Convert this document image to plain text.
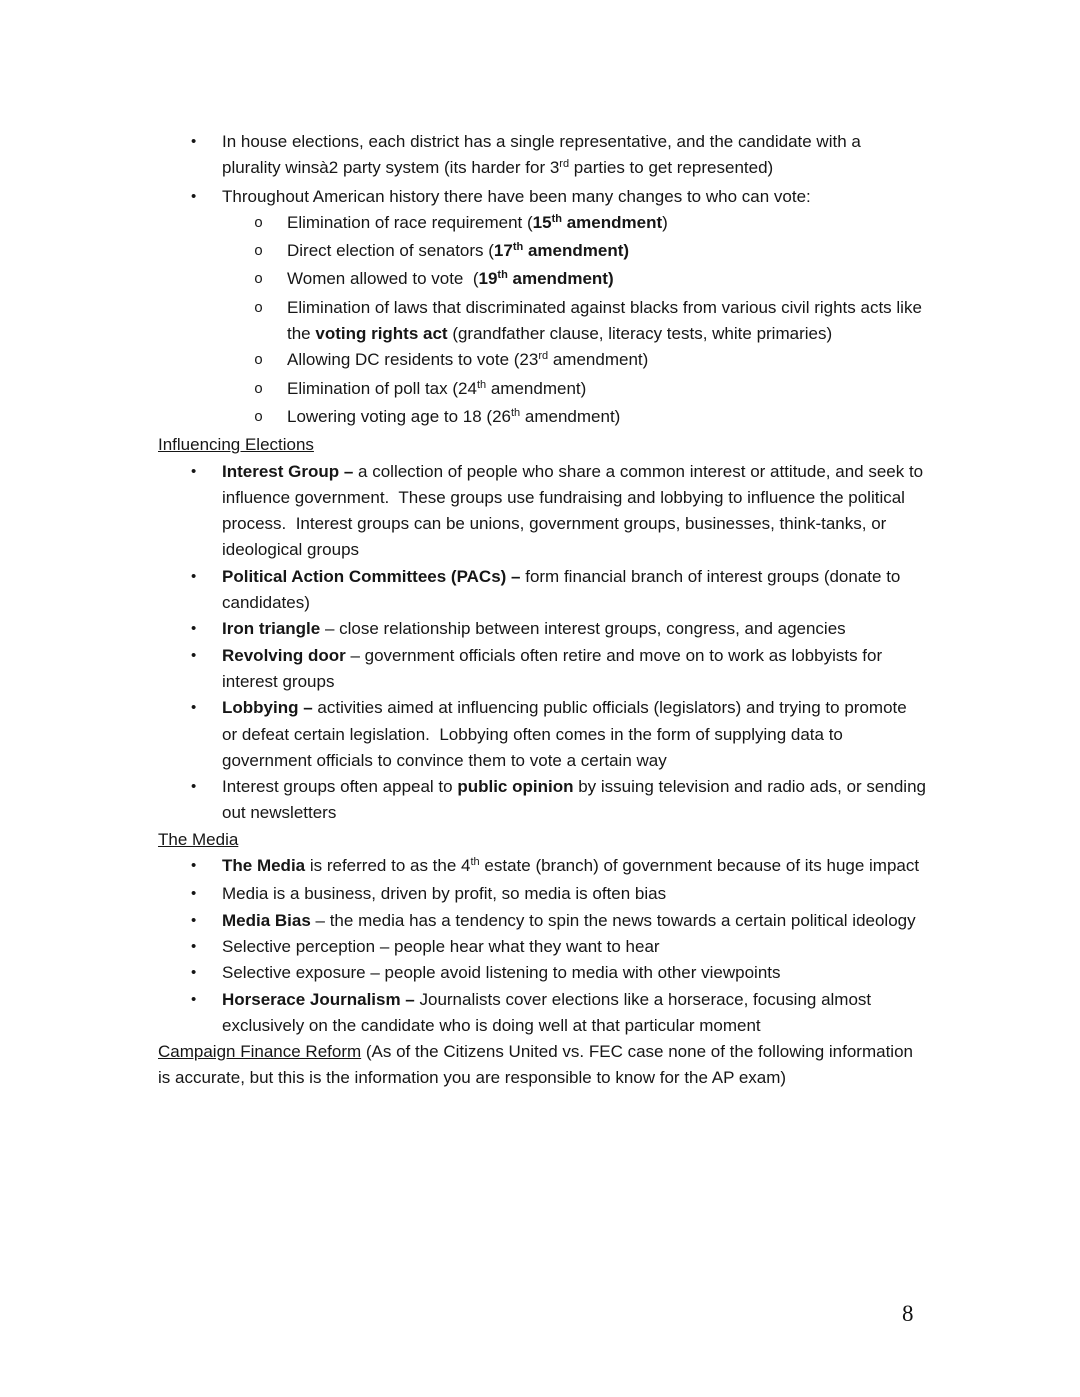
• In house elections, each district has a single representative, and the candidate with a  plurality winsà2 party system (its harder for 3rd parties to get represented)
• Throughout American history there have been many changes to who can vote:
o Elimination of race requirement (15th amendment)
o Direct election of senators (17th amendment)
o Women allowed to vote  (19th amendment)
o Elimination of laws that discriminated against blacks from various civil rights acts like the voting rights act (grandfather clause, literacy tests, white primaries)
o Allowing DC residents to vote (23rd amendment)
o Elimination of poll tax (24th amendment)
o Lowering voting age to 18 (26th amendment)
Influencing Elections
• Interest Group – a collection of people who share a common interest or attitude, and seek to influence government.  These groups use fundraising and lobbying to influence the political process.  Interest groups can be unions, government groups, businesses, think-tanks, or ideological groups
• Political Action Committees (PACs) – form financial branch of interest groups (donate to candidates)
• Iron triangle – close relationship between interest groups, congress, and agencies
• Revolving door – government officials often retire and move on to work as lobbyists for interest groups
• Lobbying – activities aimed at influencing public officials (legislators) and trying to promote or defeat certain legislation.  Lobbying often comes in the form of supplying data to government officials to convince them to vote a certain way
• Interest groups often appeal to public opinion by issuing television and radio ads, or sending out newsletters
The Media
• The Media is referred to as the 4th estate (branch) of government because of its huge impact
• Media is a business, driven by profit, so media is often bias
• Media Bias – the media has a tendency to spin the news towards a certain political ideology
• Selective perception – people hear what they want to hear
• Selective exposure – people avoid listening to media with other viewpoints
• Horserace Journalism – Journalists cover elections like a horserace, focusing almost exclusively on the candidate who is doing well at that particular moment
Campaign Finance Reform (As of the Citizens United vs. FEC case none of the following information is accurate, but this is the information you are responsible to know for the AP exam)
8
